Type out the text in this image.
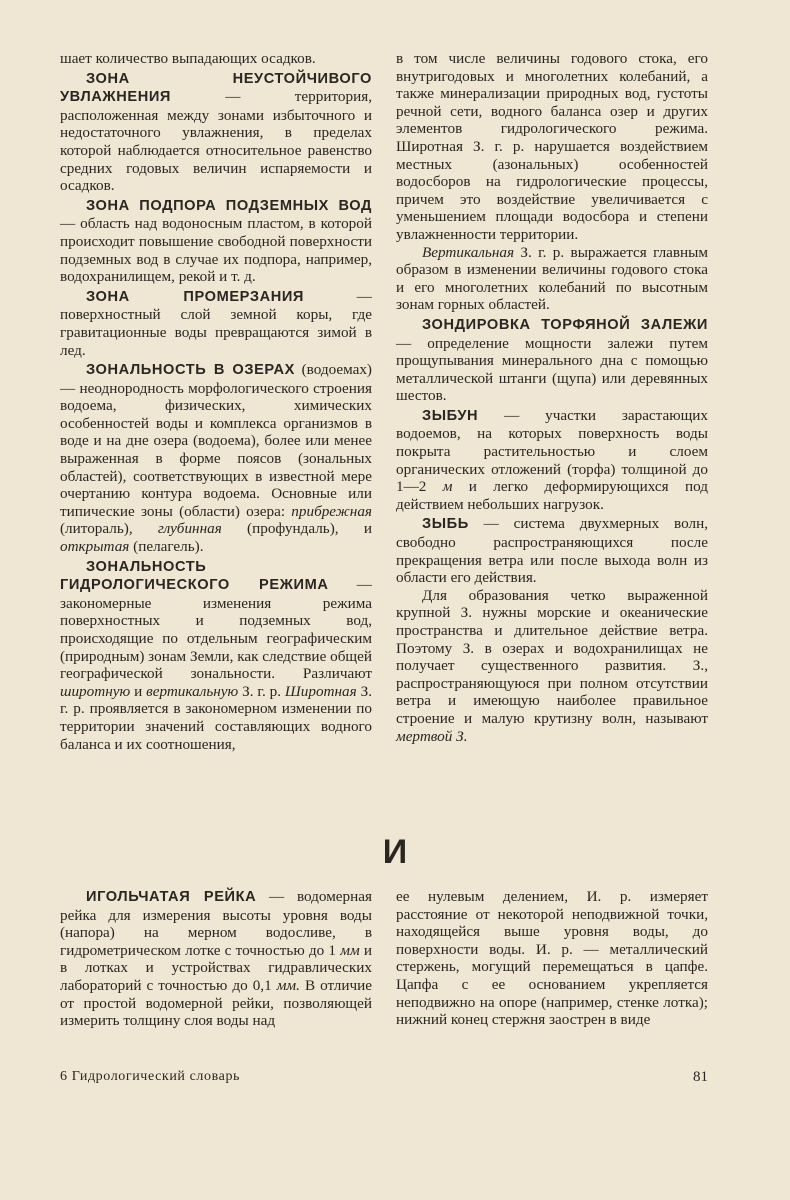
шает количество выпадающих осадков.

ЗОНА НЕУСТОЙЧИВОГО УВЛАЖНЕНИЯ — территория, расположенная между зонами избыточного и недостаточного увлажнения, в пределах которой наблюдается относительное равенство средних годовых величин испаряемости и осадков.

ЗОНА ПОДПОРА ПОДЗЕМНЫХ ВОД — область над водоносным пластом, в которой происходит повышение свободной поверхности подземных вод в случае их подпора, например, водохранилищем, рекой и т. д.

ЗОНА ПРОМЕРЗАНИЯ — поверхностный слой земной коры, где гравитационные воды превращаются зимой в лед.

ЗОНАЛЬНОСТЬ В ОЗЕРАХ (водоемах) — неоднородность морфологического строения водоема, физических, химических особенностей воды и комплекса организмов в воде и на дне озера (водоема), более или менее выраженная в форме поясов (зональных областей), соответствующих в известной мере очертанию контура водоема. Основные или типические зоны (области) озера: прибрежная (литораль), глубинная (профундаль), и открытая (пелагель).

ЗОНАЛЬНОСТЬ ГИДРОЛОГИЧЕСКОГО РЕЖИМА — закономерные изменения режима поверхностных и подземных вод, происходящие по отдельным географическим (природным) зонам Земли, как следствие общей географической зональности. Различают широтную и вертикальную З. г. р. Широтная З. г. р. проявляется в закономерном изменении по территории значений составляющих водного баланса и их соотношения,

в том числе величины годового стока, его внутригодовых и многолетних колебаний, а также минерализации природных вод, густоты речной сети, водного баланса озер и других элементов гидрологического режима. Широтная З. г. р. нарушается воздействием местных (азональных) особенностей водосборов на гидрологические процессы, причем это воздействие увеличивается с уменьшением площади водосбора и степени увлажненности территории.

Вертикальная З. г. р. выражается главным образом в изменении величины годового стока и его многолетних колебаний по высотным зонам горных областей.

ЗОНДИРОВКА ТОРФЯНОЙ ЗАЛЕЖИ — определение мощности залежи путем прощупывания минерального дна с помощью металлической штанги (щупа) или деревянных шестов.

ЗЫБУН — участки зарастающих водоемов, на которых поверхность воды покрыта растительностью и слоем органических отложений (торфа) толщиной до 1—2 м и легко деформирующихся под действием небольших нагрузок.

ЗЫБЬ — система двухмерных волн, свободно распространяющихся после прекращения ветра или после выхода волн из области его действия.

Для образования четко выраженной крупной З. нужны морские и океанические пространства и длительное действие ветра. Поэтому З. в озерах и водохранилищах не получает существенного развития. З., распространяющуюся при полном отсутствии ветра и имеющую наиболее правильное строение и малую крутизну волн, называют мертвой З.

И

ИГОЛЬЧАТАЯ РЕЙКА — водомерная рейка для измерения высоты уровня воды (напора) на мерном водосливе, в гидрометрическом лотке с точностью до 1 мм и в лотках и устройствах гидравлических лабораторий с точностью до 0,1 мм. В отличие от простой водомерной рейки, позволяющей измерить толщину слоя воды над

ее нулевым делением, И. р. измеряет расстояние от некоторой неподвижной точки, находящейся выше уровня воды, до поверхности воды. И. р. — металлический стержень, могущий перемещаться в цапфе. Цапфа с ее основанием укрепляется неподвижно на опоре (например, стенке лотка); нижний конец стержня заострен в виде

6 Гидрологический словарь	81
